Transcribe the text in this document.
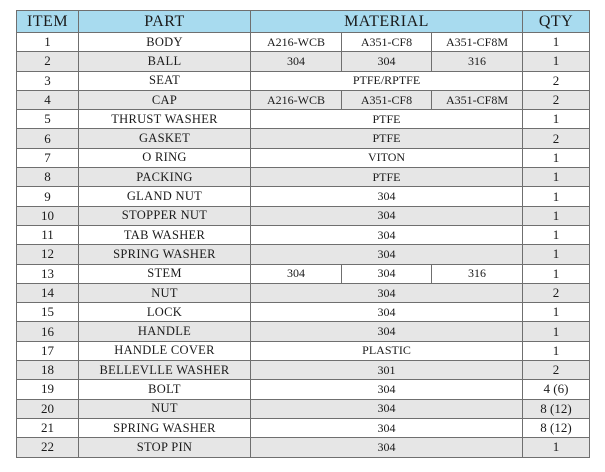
ITEM	PART	MATERIAL			QTY
1	BODY	A216-WCB	A351-CF8	A351-CF8M	1
2	BALL	304	304	316	1
3	SEAT	PTFE/RPTFE			2
4	CAP	A216-WCB	A351-CF8	A351-CF8M	2
5	THRUST WASHER	PTFE			1
6	GASKET	PTFE			2
7	O RING	VITON			1
8	PACKING	PTFE			1
9	GLAND NUT	304			1
10	STOPPER NUT	304			1
11	TAB WASHER	304			1
12	SPRING WASHER	304			1
13	STEM	304	304	316	1
14	NUT	304			2
15	LOCK	304			1
16	HANDLE	304			1
17	HANDLE COVER	PLASTIC			1
18	BELLEVLLE WASHER	301			2
19	BOLT	304			4 (6)
20	NUT	304			8 (12)
21	SPRING WASHER	304			8 (12)
22	STOP PIN	304			1
